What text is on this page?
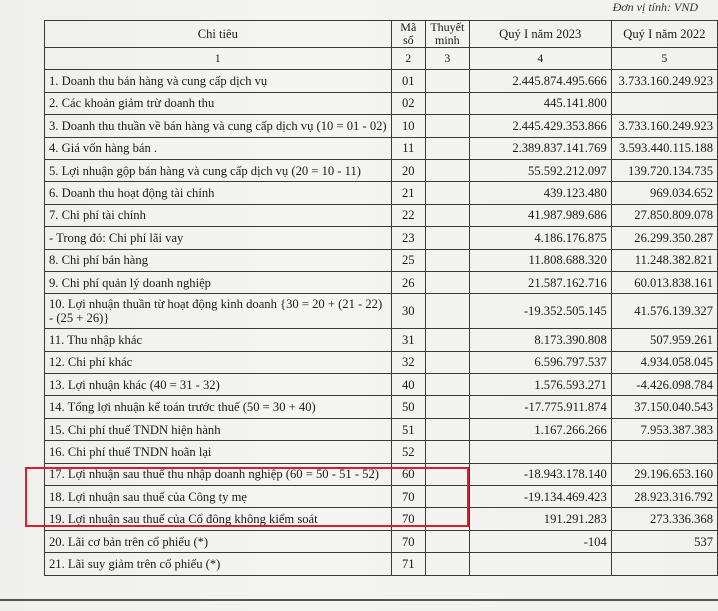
Đơn vị tính: VND
Chỉ tiêu	Mã số	Thuyết minh	Quý I năm 2023	Quý I năm 2022
1	2	3	4	5
1. Doanh thu bán hàng và cung cấp dịch vụ	01		2.445.874.495.666	3.733.160.249.923
2. Các khoản giảm trừ doanh thu	02		445.141.800	
3. Doanh thu thuần về bán hàng và cung cấp dịch vụ (10 = 01 - 02)	10		2.445.429.353.866	3.733.160.249.923
4. Giá vốn hàng bán .	11		2.389.837.141.769	3.593.440.115.188
5. Lợi nhuận gộp bán hàng và cung cấp dịch vụ (20 = 10 - 11)	20		55.592.212.097	139.720.134.735
6. Doanh thu hoạt động tài chính	21		439.123.480	969.034.652
7. Chi phí tài chính	22		41.987.989.686	27.850.809.078
- Trong đó: Chi phí lãi vay	23		4.186.176.875	26.299.350.287
8. Chi phí bán hàng	25		11.808.688.320	11.248.382.821
9. Chi phí quản lý doanh nghiệp	26		21.587.162.716	60.013.838.161
10. Lợi nhuận thuần từ hoạt động kinh doanh {30 = 20 + (21 - 22) - (25 + 26)}	30		-19.352.505.145	41.576.139.327
11. Thu nhập khác	31		8.173.390.808	507.959.261
12. Chi phí khác	32		6.596.797.537	4.934.058.045
13. Lợi nhuận khác (40 = 31 - 32)	40		1.576.593.271	-4.426.098.784
14. Tổng lợi nhuận kế toán trước thuế (50 = 30 + 40)	50		-17.775.911.874	37.150.040.543
15. Chi phí thuế TNDN hiện hành	51		1.167.266.266	7.953.387.383
16. Chi phí thuế TNDN hoãn lại	52			
17. Lợi nhuận sau thuế thu nhập doanh nghiệp (60 = 50 - 51 - 52)	60		-18.943.178.140	29.196.653.160
18. Lợi nhuận sau thuế của Công ty mẹ	70		-19.134.469.423	28.923.316.792
19. Lợi nhuận sau thuế của Cổ đông không kiểm soát	70		191.291.283	273.336.368
20. Lãi cơ bản trên cổ phiếu (*)	70		-104	537
21. Lãi suy giảm trên cổ phiếu (*)	71			
